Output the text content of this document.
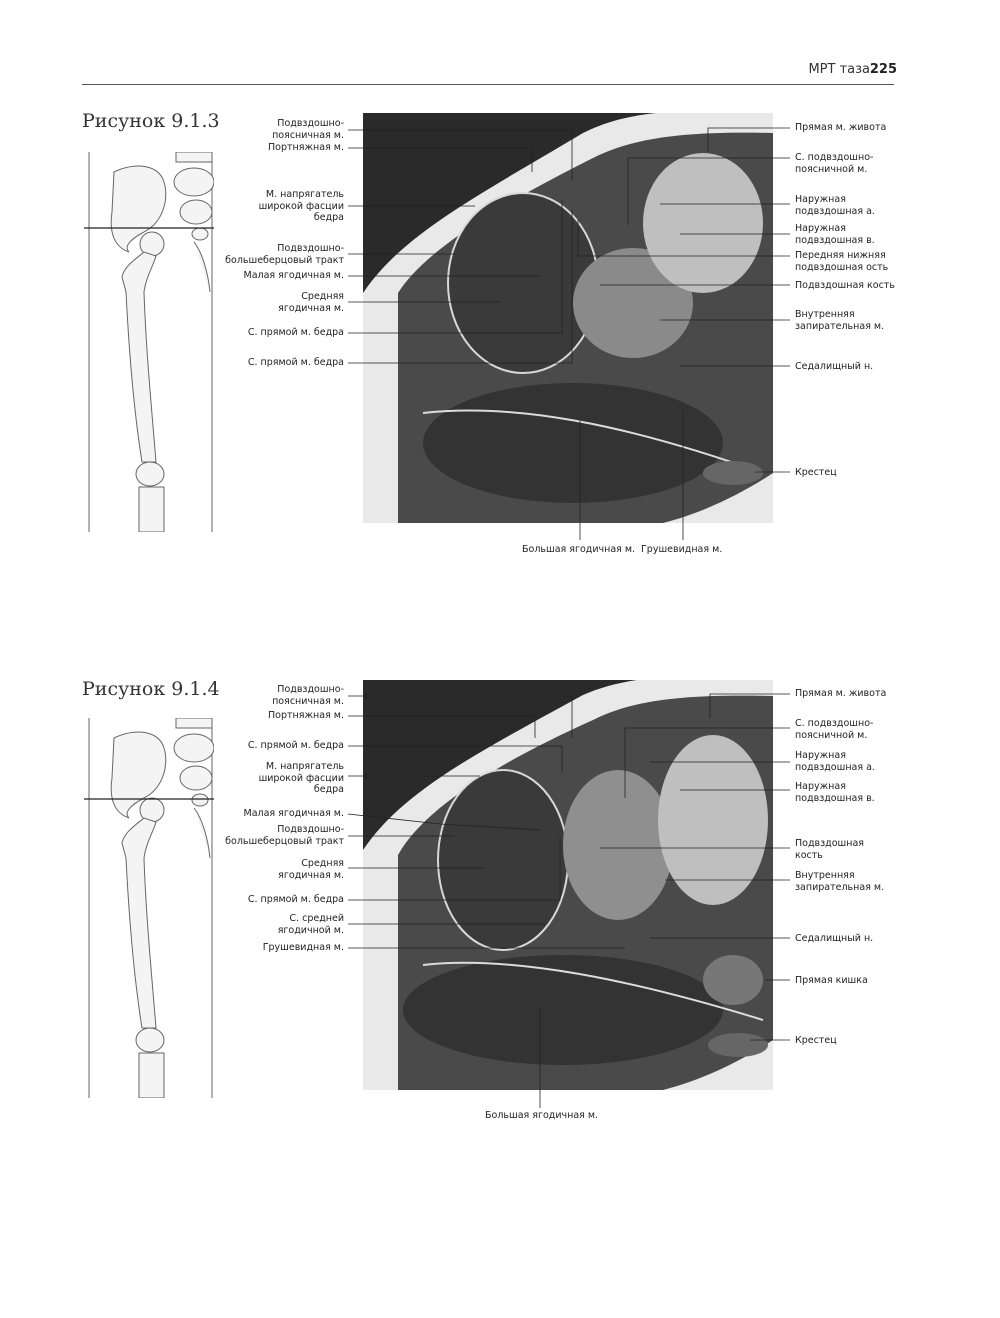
МРТ таза 225
Рисунок 9.1.3	Подвздошно-
поясничная м.
Портняжная м.
М. напрягатель
широкой фасции
бедра
Подвздошно-
большеберцовый тракт
Малая ягодичная м.
Средняя
ягодичная м.
С. прямой м. бедра
С. прямой м. бедра
Прямая м. живота
С. подвздошно-
поясничной м.
Наружная
подвздошная а.
Наружная
подвздошная в.
Передняя нижняя
подвздошная ость
Подвздошная кость
Внутренняя
запирательная м.
Седалищный н.
Крестец
Большая ягодичная м. Грушевидная м.
Рисунок 9.1.4	Подвздошно-
поясничная м.
Портняжная м.
С. прямой м. бедра
М. напрягатель
широкой фасции
бедра
Малая ягодичная м.
Подвздошно-
большеберцовый тракт
Средняя
ягодичная м.
С. прямой м. бедра
С. средней
ягодичной м.
Грушевидная м.
Прямая м. живота
С. подвздошно-
поясничной м.
Наружная
подвздошная а.
Наружная
подвздошная в.
Подвздошная
кость
Внутренняя
запирательная м.
Седалищный н.
Прямая кишка
Крестец
Большая ягодичная м.
